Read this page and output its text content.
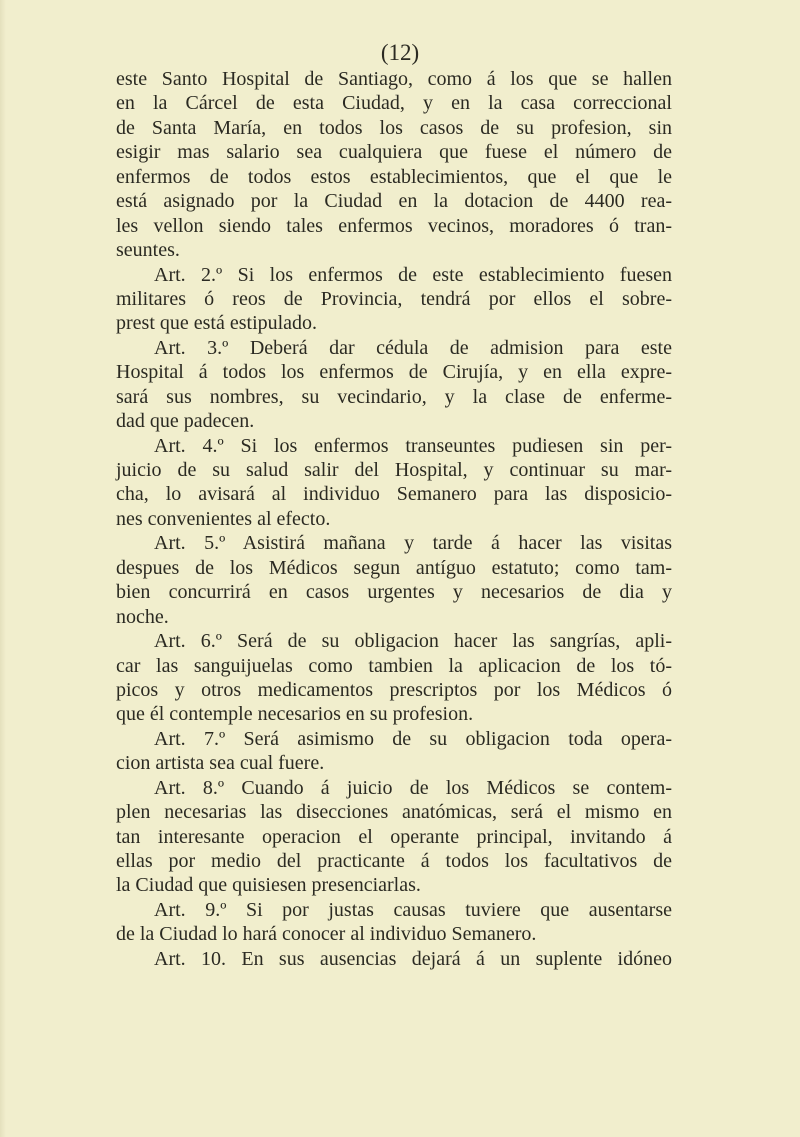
(12)
este Santo Hospital de Santiago, como á los que se hallen
en la Cárcel de esta Ciudad, y en la casa correccional
de Santa María, en todos los casos de su profesion, sin
esigir mas salario sea cualquiera que fuese el número de
enfermos de todos estos establecimientos, que el que le
está asignado por la Ciudad en la dotacion de 4400 rea-
les vellon siendo tales enfermos vecinos, moradores ó tran-
seuntes.
Art. 2.º Si los enfermos de este establecimiento fuesen
militares ó reos de Provincia, tendrá por ellos el sobre-
prest que está estipulado.
Art. 3.º Deberá dar cédula de admision para este
Hospital á todos los enfermos de Cirujía, y en ella expre-
sará sus nombres, su vecindario, y la clase de enferme-
dad que padecen.
Art. 4.º Si los enfermos transeuntes pudiesen sin per-
juicio de su salud salir del Hospital, y continuar su mar-
cha, lo avisará al individuo Semanero para las disposicio-
nes convenientes al efecto.
Art. 5.º Asistirá mañana y tarde á hacer las visitas
despues de los Médicos segun antíguo estatuto; como tam-
bien concurrirá en casos urgentes y necesarios de dia y
noche.
Art. 6.º Será de su obligacion hacer las sangrías, apli-
car las sanguijuelas como tambien la aplicacion de los tó-
picos y otros medicamentos prescriptos por los Médicos ó
que él contemple necesarios en su profesion.
Art. 7.º Será asimismo de su obligacion toda opera-
cion artista sea cual fuere.
Art. 8.º Cuando á juicio de los Médicos se contem-
plen necesarias las disecciones anatómicas, será el mismo en
tan interesante operacion el operante principal, invitando á
ellas por medio del practicante á todos los facultativos de
la Ciudad que quisiesen presenciarlas.
Art. 9.º Si por justas causas tuviere que ausentarse
de la Ciudad lo hará conocer al individuo Semanero.
Art. 10. En sus ausencias dejará á un suplente idóneo
